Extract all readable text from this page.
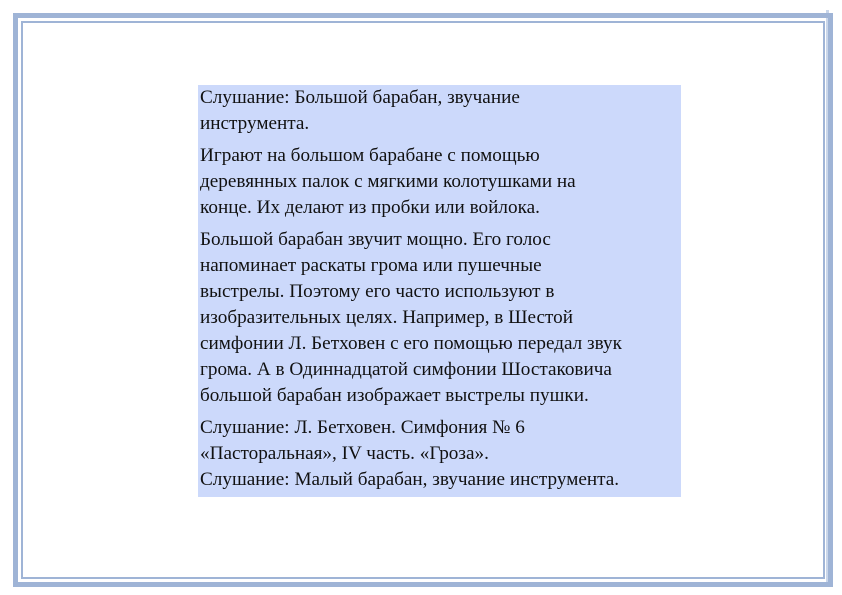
Слушание: Большой барабан, звучание
инструмента.

Играют на большом барабане с помощью
деревянных палок с мягкими колотушками на
конце. Их делают из пробки или войлока.

Большой барабан звучит мощно. Его голос
напоминает раскаты грома или пушечные
выстрелы. Поэтому его часто используют в
изобразительных целях. Например, в Шестой
симфонии Л. Бетховен с его помощью передал звук
грома. А в Одиннадцатой симфонии Шостаковича
большой барабан изображает выстрелы пушки.

Слушание: Л. Бетховен. Симфония № 6
«Пасторальная», IV часть. «Гроза».
Слушание: Малый барабан, звучание инструмента.
